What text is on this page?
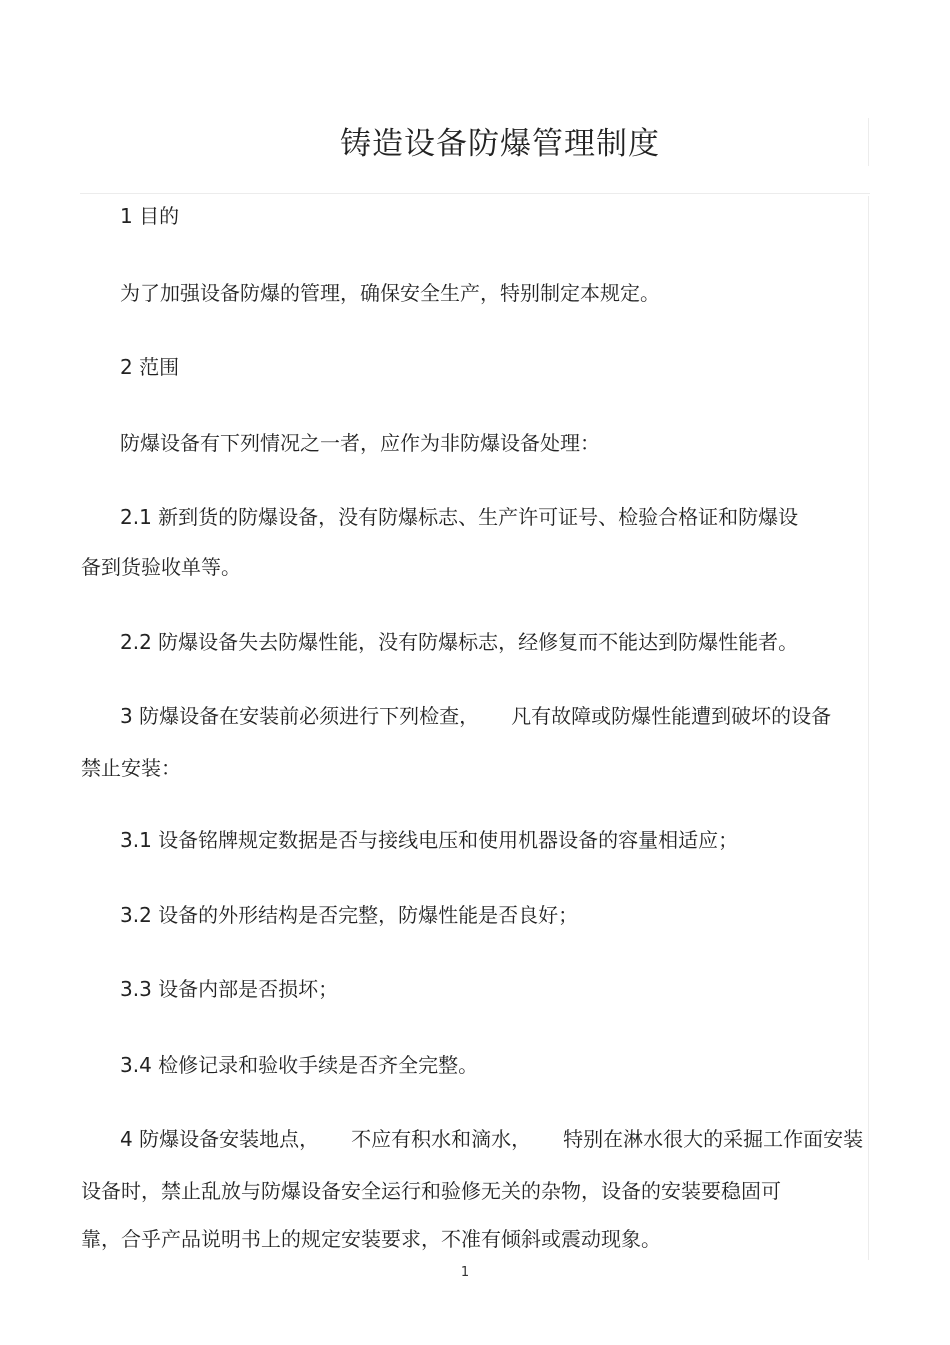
铸造设备防爆管理制度
1 目的
为了加强设备防爆的管理，确保安全生产，特别制定本规定。
2 范围
防爆设备有下列情况之一者，应作为非防爆设备处理：
2.1 新到货的防爆设备，没有防爆标志、生产许可证号、检验合格证和防爆设
备到货验收单等。
2.2 防爆设备失去防爆性能，没有防爆标志，经修复而不能达到防爆性能者。
3 防爆设备在安装前必须进行下列检查， 凡有故障或防爆性能遭到破坏的设备
禁止安装：
3.1 设备铭牌规定数据是否与接线电压和使用机器设备的容量相适应；
3.2 设备的外形结构是否完整，防爆性能是否良好；
3.3 设备内部是否损坏；
3.4 检修记录和验收手续是否齐全完整。
4 防爆设备安装地点， 不应有积水和滴水， 特别在淋水很大的采掘工作面安装
设备时，禁止乱放与防爆设备安全运行和验修无关的杂物，设备的安装要稳固可
靠，合乎产品说明书上的规定安装要求，不准有倾斜或震动现象。
1
